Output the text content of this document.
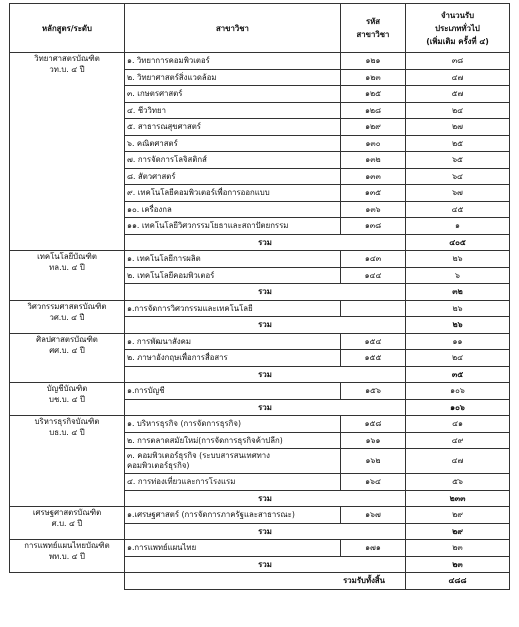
หลักสูตร/ระดับ	สาขาวิชา	รหัส
สาขาวิชา	จำนวนรับ
ประเภททั่วไป
(เพิ่มเติม ครั้งที่ ๔)

วิทยาศาสตรบัณฑิต
วท.บ. ๔ ปี	๑. วิทยาการคอมพิวเตอร์	๑๒๑	๓๘
	๒. วิทยาศาสตร์สิ่งแวดล้อม	๑๒๓	๔๗
	๓. เกษตรศาสตร์	๑๒๕	๕๗
	๔. ชีววิทยา	๑๒๘	๒๔
	๕. สาธารณสุขศาสตร์	๑๒๙	๒๗
	๖. คณิตศาสตร์	๑๓๐	๒๕
	๗. การจัดการโลจิสติกส์	๑๓๒	๖๕
	๘. สัตวศาสตร์	๑๓๓	๖๔
	๙. เทคโนโลยีคอมพิวเตอร์เพื่อการออกแบบ	๑๓๕	๖๗
	๑๐. เครื่องกล	๑๓๖	๔๕
	๑๑. เทคโนโลยีวิศวกรรมโยธาและสถาปัตยกรรม	๑๓๘	๑
	รวม		๔๐๕

เทคโนโลยีบัณฑิต
ทล.บ. ๔ ปี	๑. เทคโนโลยีการผลิต	๑๔๓	๒๖
	๒. เทคโนโลยีคอมพิวเตอร์	๑๔๔	๖
	รวม		๓๒

วิศวกรรมศาสตรบัณฑิต
วศ.บ. ๔ ปี	๑.การจัดการวิศวกรรมและเทคโนโลยี		๒๖
	รวม		๒๖

ศิลปศาสตรบัณฑิต
ศศ.บ. ๔ ปี	๑. การพัฒนาสังคม	๑๕๔	๑๑
	๒. ภาษาอังกฤษเพื่อการสื่อสาร	๑๕๕	๒๔
	รวม		๓๕

บัญชีบัณฑิต
บช.บ. ๔ ปี	๑.การบัญชี	๑๕๖	๑๐๖
	รวม		๑๐๖

บริหารธุรกิจบัณฑิต
บธ.บ. ๔ ปี	๑. บริหารธุรกิจ (การจัดการธุรกิจ)	๑๕๘	๔๑
	๒. การตลาดสมัยใหม่(การจัดการธุรกิจค้าปลีก)	๑๖๑	๔๙

	๓. คอมพิวเตอร์ธุรกิจ (ระบบสารสนเทศทาง
คอมพิวเตอร์ธุรกิจ)	๑๖๒	๔๗
	๔. การท่องเที่ยวและการโรงแรม	๑๖๔	๕๖
	รวม		๒๓๓

เศรษฐศาสตรบัณฑิต
ศ.บ. ๔ ปี	๑.เศรษฐศาสตร์ (การจัดการภาครัฐและสาธารณะ)	๑๖๗	๒๙
	รวม		๒๙

การแพทย์แผนไทยบัณฑิต
พท.บ. ๔ ปี	๑.การแพทย์แผนไทย	๑๗๑	๒๓
	รวม		๒๓
	รวมรับทั้งสิ้น		๔๘๘
